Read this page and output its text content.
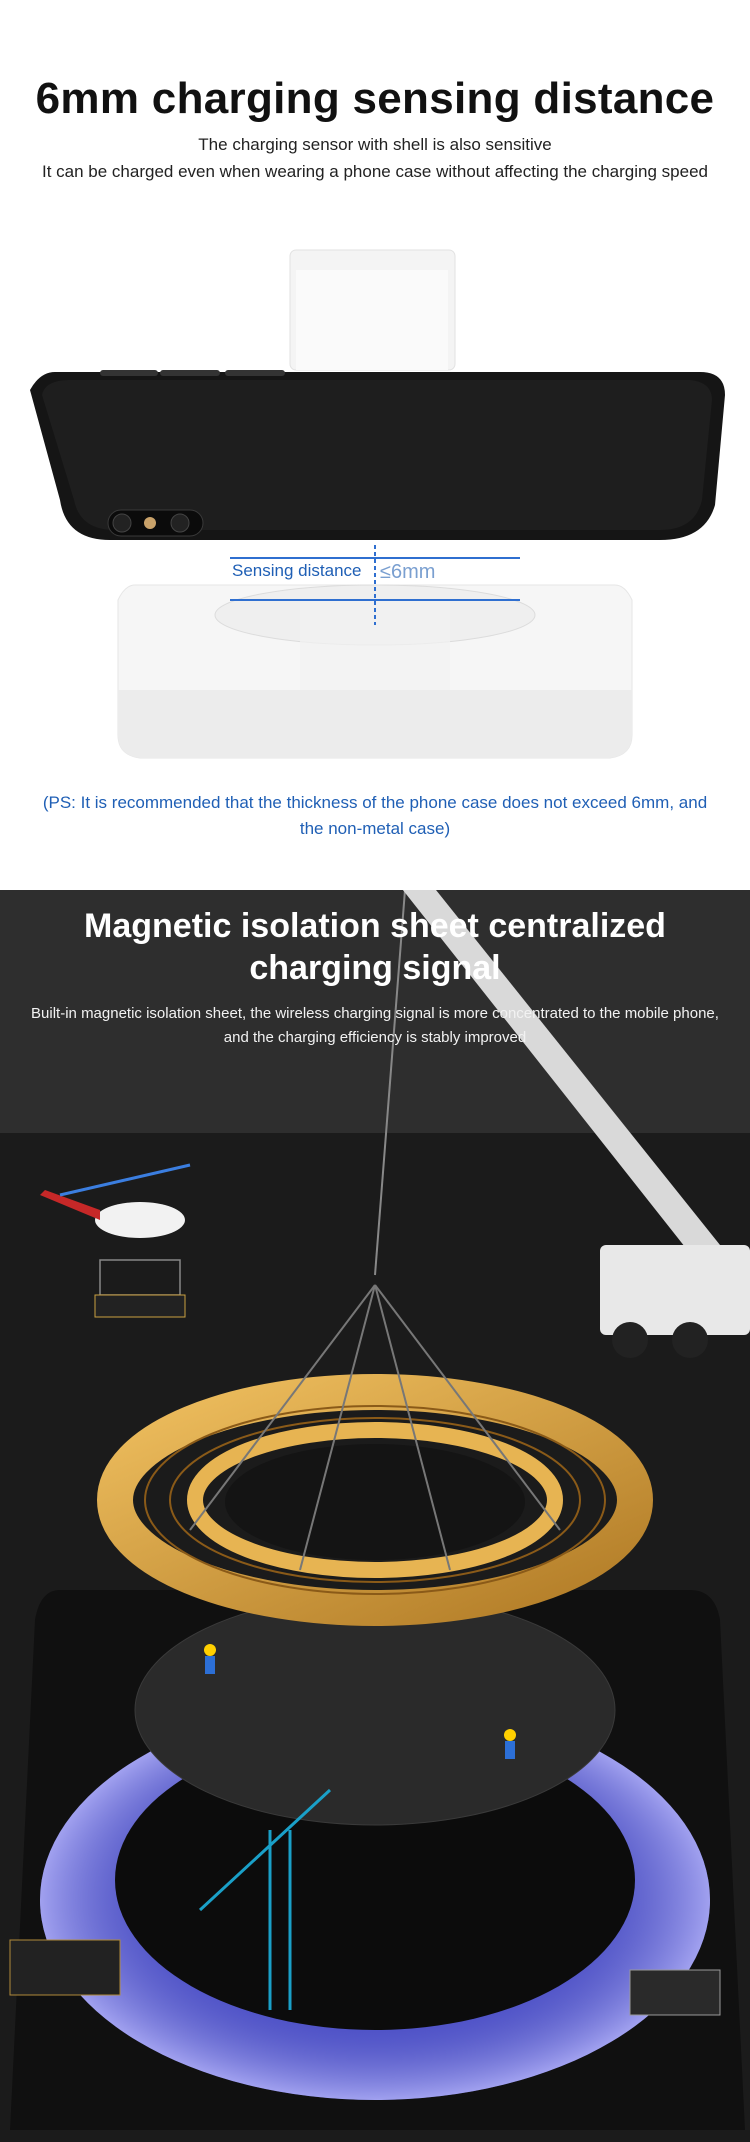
6mm charging sensing distance
The charging sensor with shell is also sensitive
It can be charged even when wearing a phone case without affecting the charging speed
Sensing distance ≤6mm
(PS: It is recommended that the thickness of the phone case does not exceed 6mm, and the non-metal case)
Magnetic isolation sheet centralized charging signal
Built-in magnetic isolation sheet, the wireless charging signal is more concentrated to the mobile phone, and the charging efficiency is stably improved
